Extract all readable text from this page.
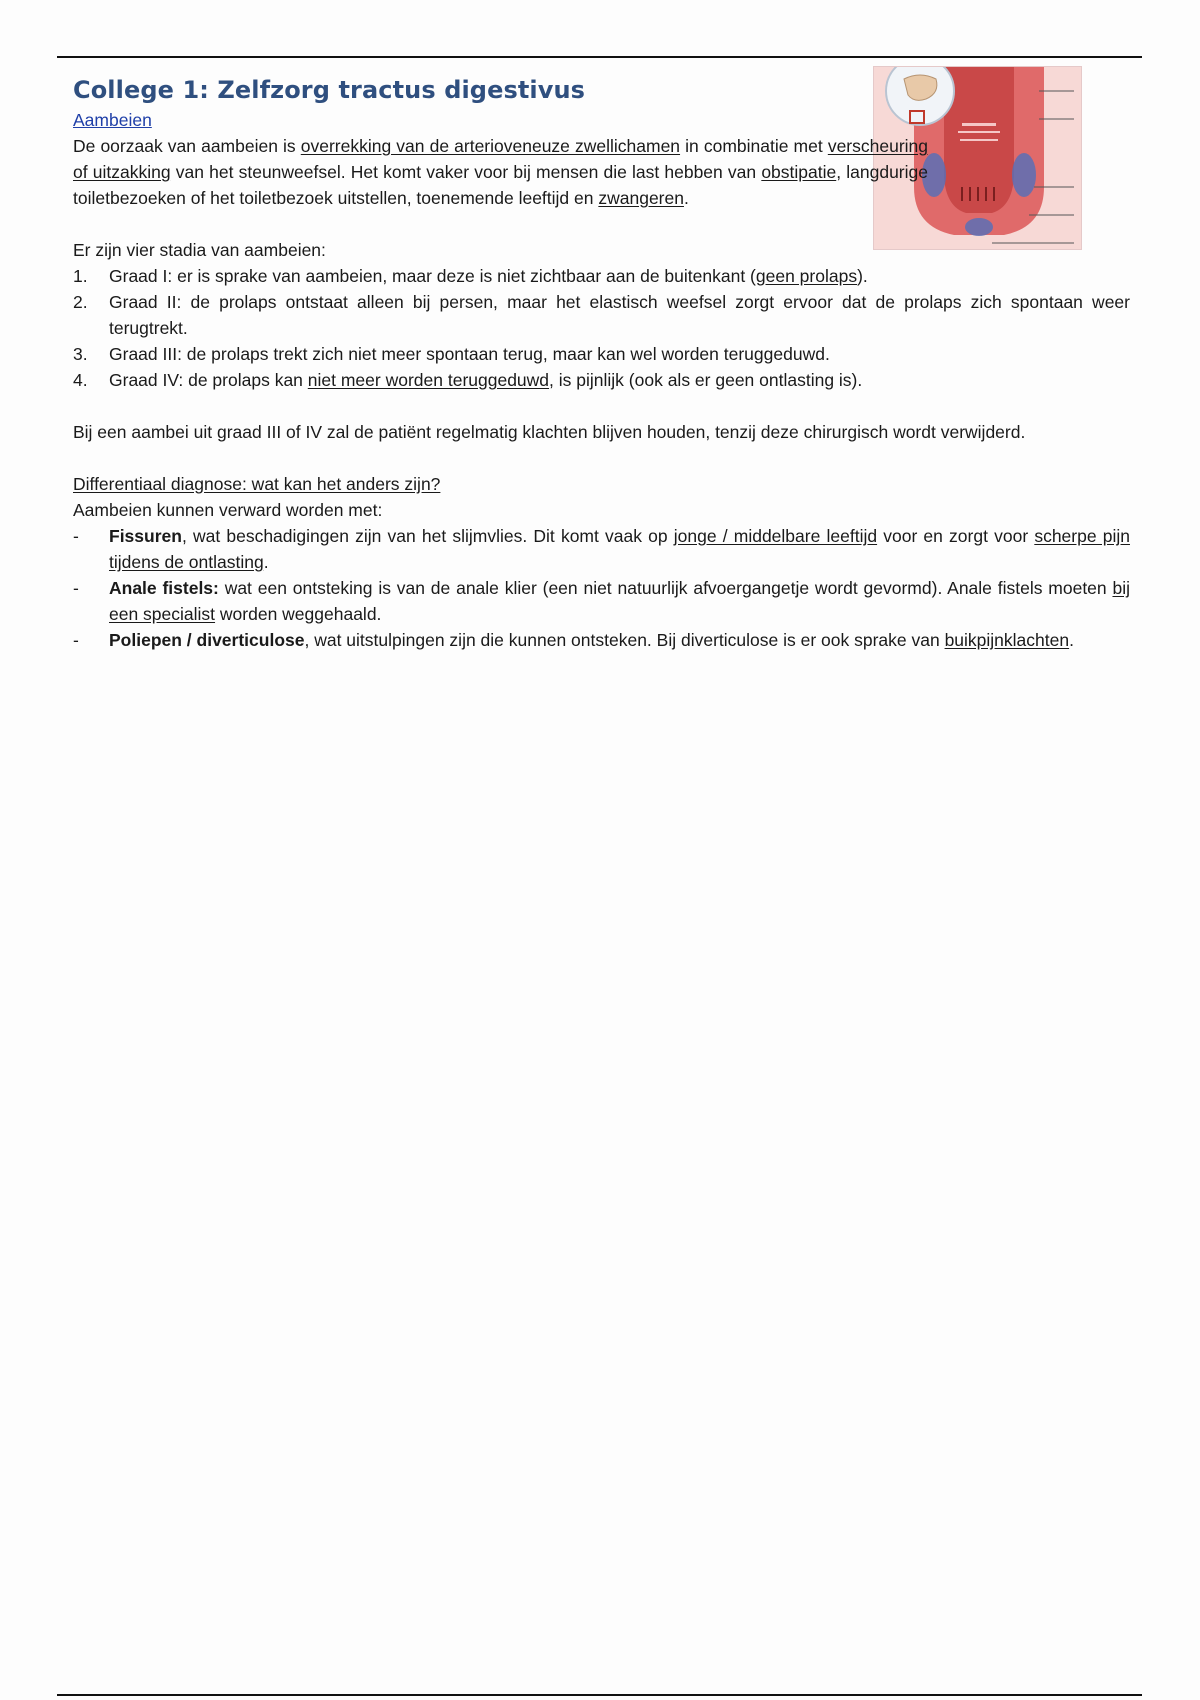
College 1: Zelfzorg tractus digestivus
Aambeien

De oorzaak van aambeien is overrekking van de arterioveneuze zwellichamen in combinatie met verscheuring of uitzakking van het steunweefsel. Het komt vaker voor bij mensen die last hebben van obstipatie, langdurige toiletbezoeken of het toiletbezoek uitstellen, toenemende leeftijd en zwangeren.

Er zijn vier stadia van aambeien:

1. Graad I: er is sprake van aambeien, maar deze is niet zichtbaar aan de buitenkant (geen prolaps).
2. Graad II: de prolaps ontstaat alleen bij persen, maar het elastisch weefsel zorgt ervoor dat de prolaps zich spontaan weer terugtrekt.
3. Graad III: de prolaps trekt zich niet meer spontaan terug, maar kan wel worden teruggeduwd.
4. Graad IV: de prolaps kan niet meer worden teruggeduwd, is pijnlijk (ook als er geen ontlasting is).

Bij een aambei uit graad III of IV zal de patiënt regelmatig klachten blijven houden, tenzij deze chirurgisch wordt verwijderd.

Differentiaal diagnose: wat kan het anders zijn?

Aambeien kunnen verward worden met:

- Fissuren, wat beschadigingen zijn van het slijmvlies. Dit komt vaak op jonge / middelbare leeftijd voor en zorgt voor scherpe pijn tijdens de ontlasting.
- Anale fistels: wat een ontsteking is van de anale klier (een niet natuurlijk afvoergangetje wordt gevormd). Anale fistels moeten bij een specialist worden weggehaald.
- Poliepen / diverticulose, wat uitstulpingen zijn die kunnen ontsteken. Bij diverticulose is er ook sprake van buikpijnklachten.
